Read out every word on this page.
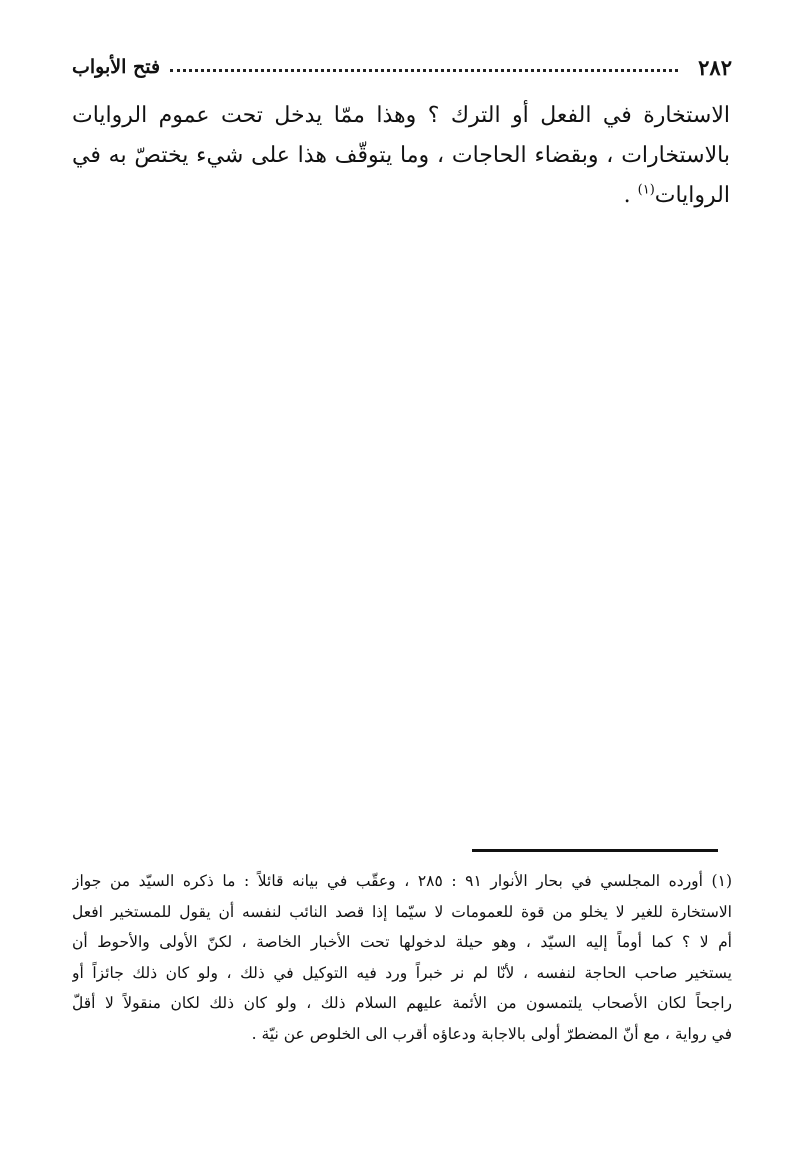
٢٨٢
فتح الأبواب
الاستخارة في الفعل أو الترك ؟ وهذا ممّا يدخل تحت عموم الروايات
بالاستخارات ، وبقضاء الحاجات ، وما يتوقّف هذا على شيء يختصّ به في
الروايات$^{(١)}$ .
(١) أورده المجلسي في بحار الأنوار ٩١ : ٢٨٥ ، وعقّب في بيانه قائلاً : ما ذكره السيّد من جواز
الاستخارة للغير لا يخلو من قوة للعمومات لا سيّما إذا قصد النائب لنفسه أن يقول للمستخير افعل
أم لا ؟ كما أوماً إليه السيّد ، وهو حيلة لدخولها تحت الأخبار الخاصة ، لكنّ الأولى والأحوط أن
يستخير صاحب الحاجة لنفسه ، لأنّا لم نر خبراً ورد فيه التوكيل في ذلك ، ولو كان ذلك جائزاً أو
راجحاً لكان الأصحاب يلتمسون من الأئمة عليهم السلام ذلك ، ولو كان ذلك لكان منقولاً لا أقلّ
في رواية ، مع أنّ المضطرّ أولى بالاجابة ودعاؤه أقرب الى الخلوص عن نيّة .
